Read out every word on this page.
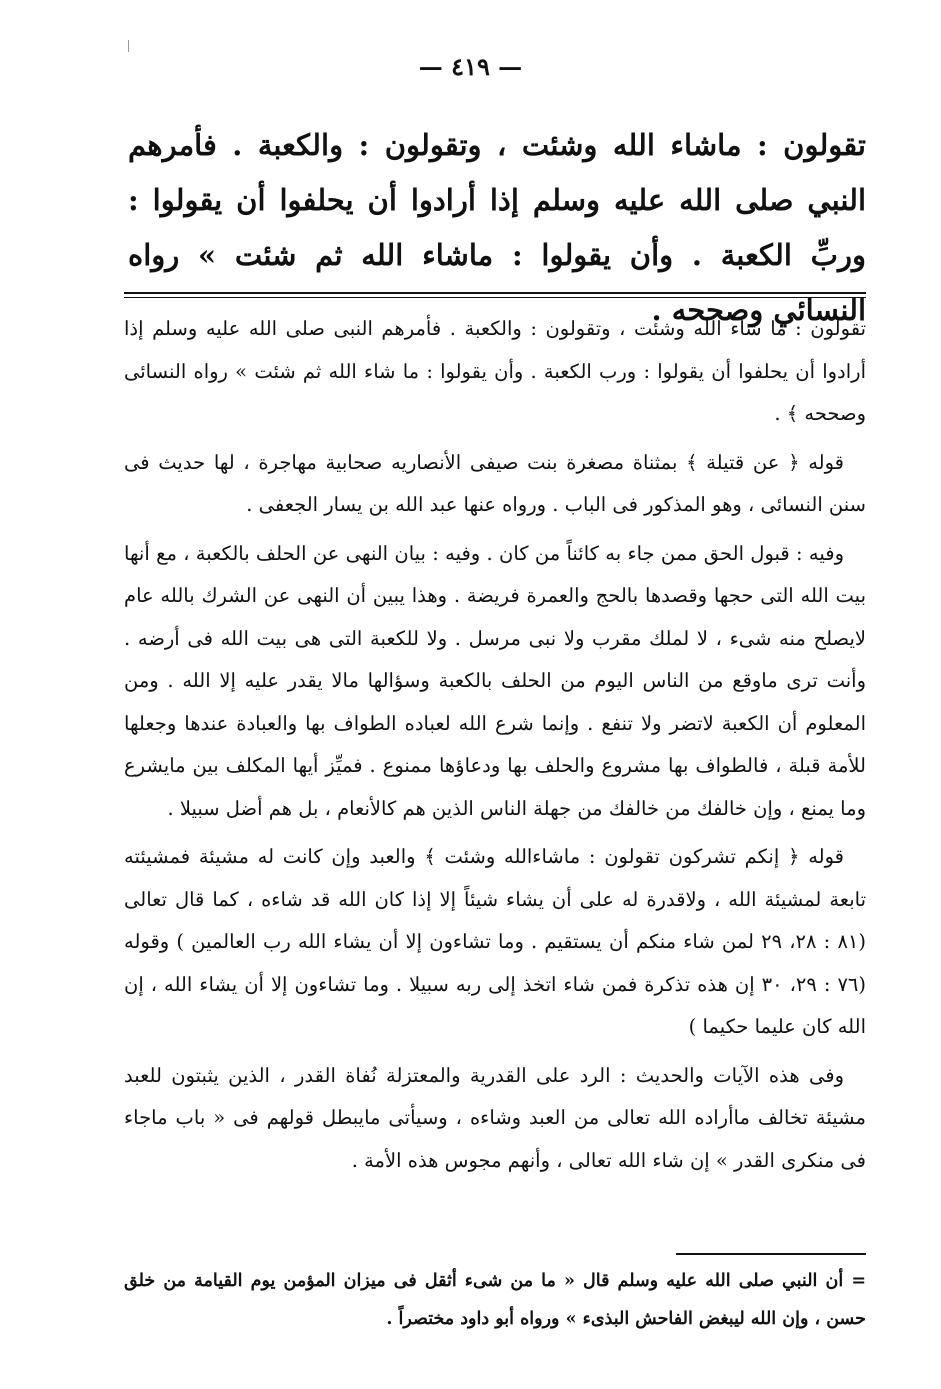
— ٤١٩ —

تقولون : ماشاء الله وشئت ، وتقولون : والكعبة . فأمرهم النبي صلى الله عليه وسلم إذا أرادوا أن يحلفوا أن يقولوا : وربِّ الكعبة . وأن يقولوا : ماشاء الله ثم شئت » رواه النسائي وصححه .

تقولون : ما شاء الله وشئت ، وتقولون : والكعبة . فأمرهم النبى صلى الله عليه وسلم إذا أرادوا أن يحلفوا أن يقولوا : ورب الكعبة . وأن يقولوا : ما شاء الله ثم شئت » رواه النسائى وصححه ﴾ .

قوله ﴿ عن قتيلة ﴾ بمثناة مصغرة بنت صيفى الأنصاريه صحابية مهاجرة ، لها حديث فى سنن النسائى ، وهو المذكور فى الباب . ورواه عنها عبد الله بن يسار الجعفى .

وفيه : قبول الحق ممن جاء به كائناً من كان . وفيه : بيان النهى عن الحلف بالكعبة ، مع أنها بيت الله التى حجها وقصدها بالحج والعمرة فريضة . وهذا يبين أن النهى عن الشرك بالله عام لايصلح منه شىء ، لا لملك مقرب ولا نبى مرسل . ولا للكعبة التى هى بيت الله فى أرضه . وأنت ترى ماوقع من الناس اليوم من الحلف بالكعبة وسؤالها مالا يقدر عليه إلا الله . ومن المعلوم أن الكعبة لاتضر ولا تنفع . وإنما شرع الله لعباده الطواف بها والعبادة عندها وجعلها للأمة قبلة ، فالطواف بها مشروع والحلف بها ودعاؤها ممنوع . فميِّز أيها المكلف بين مايشرع وما يمنع ، وإن خالفك من خالفك من جهلة الناس الذين هم كالأنعام ، بل هم أضل سبيلا .

قوله ﴿ إنكم تشركون تقولون : ماشاءالله وشئت ﴾ والعبد وإن كانت له مشيئة فمشيئته تابعة لمشيئة الله ، ولاقدرة له على أن يشاء شيئاً إلا إذا كان الله قد شاءه ، كما قال تعالى (٨١ : ٢٨، ٢٩ لمن شاء منكم أن يستقيم . وما تشاءون إلا أن يشاء الله رب العالمين ) وقوله (٧٦ : ٢٩، ٣٠ إن هذه تذكرة فمن شاء اتخذ إلى ربه سبيلا . وما تشاءون إلا أن يشاء الله ، إن الله كان عليما حكيما )

وفى هذه الآيات والحديث : الرد على القدرية والمعتزلة نُفاة القدر ، الذين يثبتون للعبد مشيئة تخالف ماأراده الله تعالى من العبد وشاءه ، وسيأتى مايبطل قولهم فى « باب ماجاء فى منكرى القدر » إن شاء الله تعالى ، وأنهم مجوس هذه الأمة .

= أن النبي صلى الله عليه وسلم قال « ما من شىء أثقل فى ميزان المؤمن يوم القيامة من خلق حسن ، وإن الله ليبغض الفاحش البذىء » ورواه أبو داود مختصراً .
